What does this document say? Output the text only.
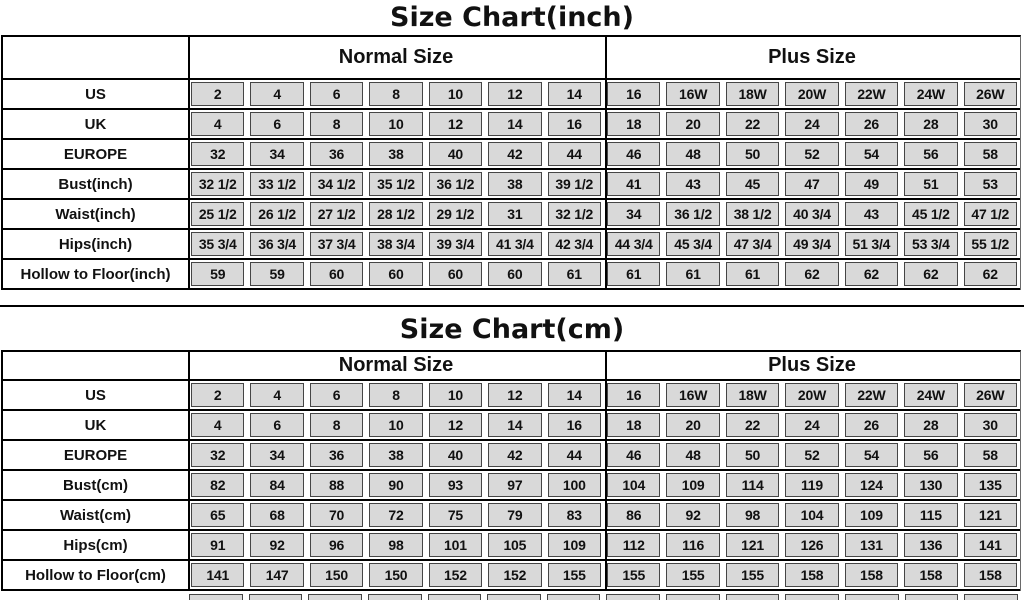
Size Chart(inch)
Normal Size	Plus Size
US	2	4	6	8	10	12	14	16	16W	18W	20W	22W	24W	26W
UK	4	6	8	10	12	14	16	18	20	22	24	26	28	30
EUROPE	32	34	36	38	40	42	44	46	48	50	52	54	56	58
Bust(inch)	32 1/2	33 1/2	34 1/2	35 1/2	36 1/2	38	39 1/2	41	43	45	47	49	51	53
Waist(inch)	25 1/2	26 1/2	27 1/2	28 1/2	29 1/2	31	32 1/2	34	36 1/2	38 1/2	40 3/4	43	45 1/2	47 1/2
Hips(inch)	35 3/4	36 3/4	37 3/4	38 3/4	39 3/4	41 3/4	42 3/4	44 3/4	45 3/4	47 3/4	49 3/4	51 3/4	53 3/4	55 1/2
Hollow to Floor(inch)	59	59	60	60	60	60	61	61	61	61	62	62	62	62
Size Chart(cm)
Normal Size	Plus Size
US	2	4	6	8	10	12	14	16	16W	18W	20W	22W	24W	26W
UK	4	6	8	10	12	14	16	18	20	22	24	26	28	30
EUROPE	32	34	36	38	40	42	44	46	48	50	52	54	56	58
Bust(cm)	82	84	88	90	93	97	100	104	109	114	119	124	130	135
Waist(cm)	65	68	70	72	75	79	83	86	92	98	104	109	115	121
Hips(cm)	91	92	96	98	101	105	109	112	116	121	126	131	136	141
Hollow to Floor(cm)	141	147	150	150	152	152	155	155	155	155	158	158	158	158
